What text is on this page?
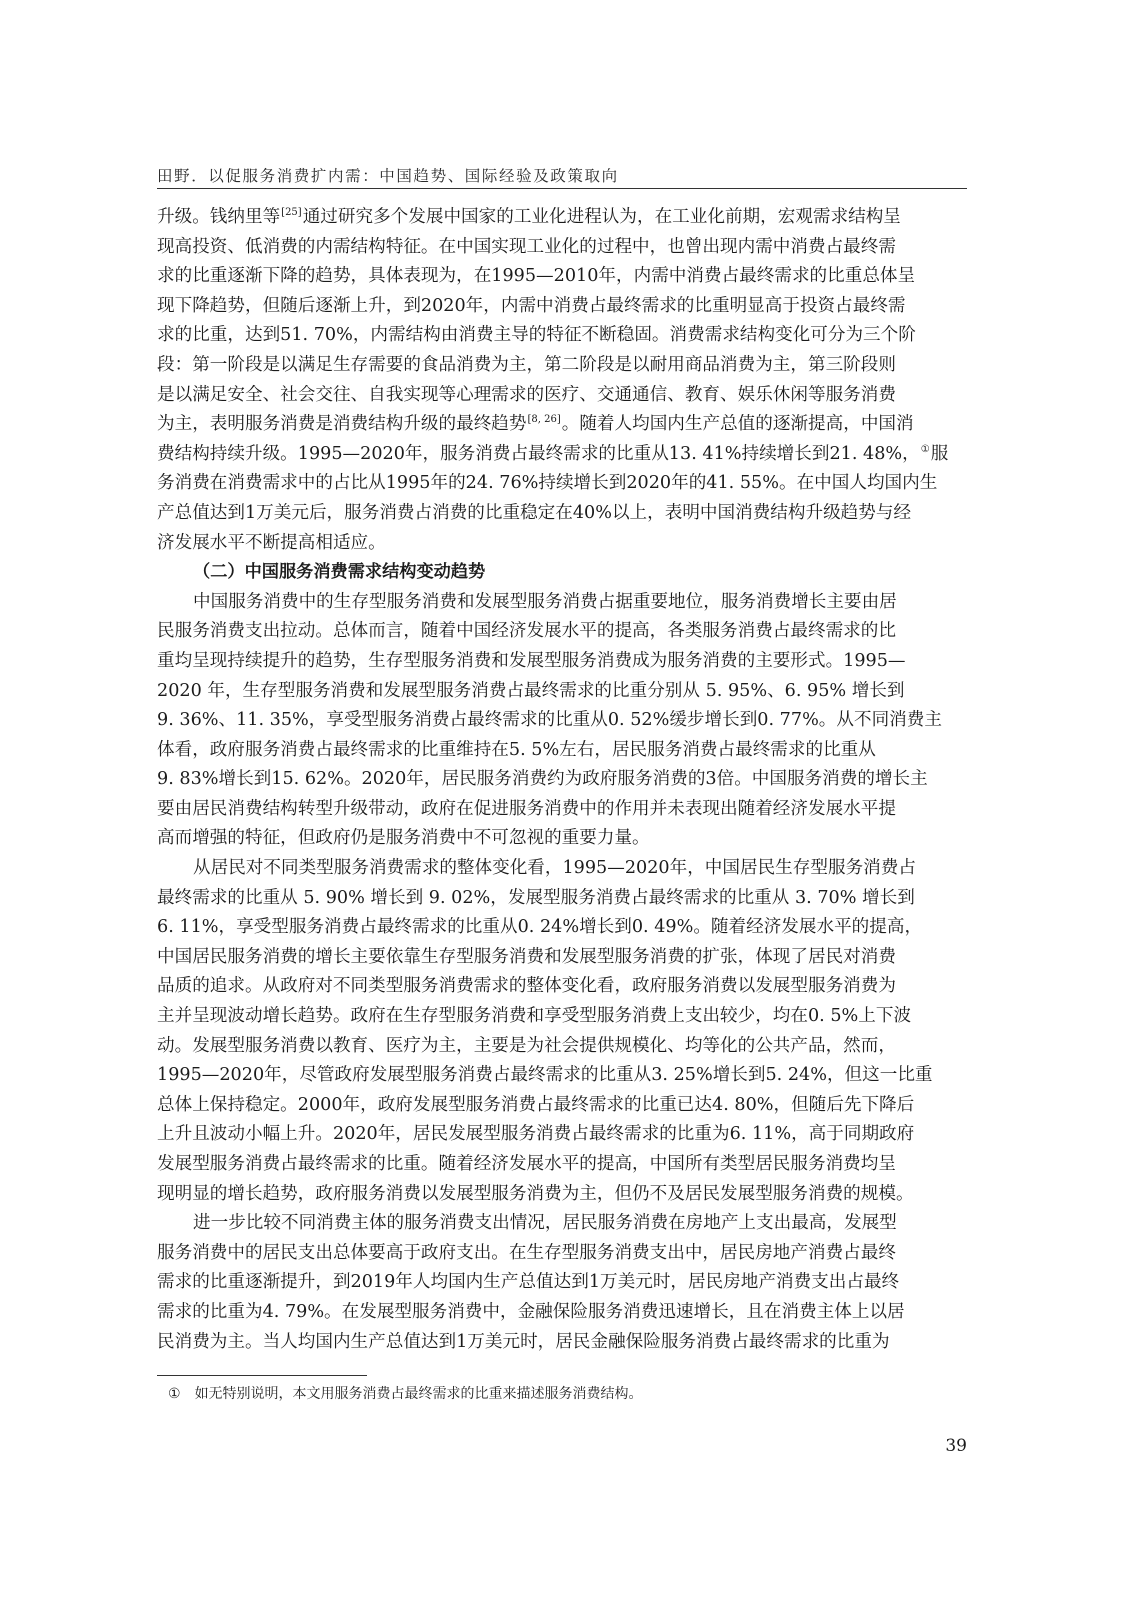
田野．以促服务消费扩内需：中国趋势、国际经验及政策取向
升级。钱纳里等[25]通过研究多个发展中国家的工业化进程认为，在工业化前期，宏观需求结构呈
现高投资、低消费的内需结构特征。在中国实现工业化的过程中，也曾出现内需中消费占最终需
求的比重逐渐下降的趋势，具体表现为，在1995—2010年，内需中消费占最终需求的比重总体呈
现下降趋势，但随后逐渐上升，到2020年，内需中消费占最终需求的比重明显高于投资占最终需
求的比重，达到51. 70%，内需结构由消费主导的特征不断稳固。消费需求结构变化可分为三个阶
段：第一阶段是以满足生存需要的食品消费为主，第二阶段是以耐用商品消费为主，第三阶段则
是以满足安全、社会交往、自我实现等心理需求的医疗、交通通信、教育、娱乐休闲等服务消费
为主，表明服务消费是消费结构升级的最终趋势[8, 26]。随着人均国内生产总值的逐渐提高，中国消
费结构持续升级。1995—2020年，服务消费占最终需求的比重从13. 41%持续增长到21. 48%，①服
务消费在消费需求中的占比从1995年的24. 76%持续增长到2020年的41. 55%。在中国人均国内生
产总值达到1万美元后，服务消费占消费的比重稳定在40%以上，表明中国消费结构升级趋势与经
济发展水平不断提高相适应。
（二）中国服务消费需求结构变动趋势
中国服务消费中的生存型服务消费和发展型服务消费占据重要地位，服务消费增长主要由居
民服务消费支出拉动。总体而言，随着中国经济发展水平的提高，各类服务消费占最终需求的比
重均呈现持续提升的趋势，生存型服务消费和发展型服务消费成为服务消费的主要形式。1995—
2020 年，生存型服务消费和发展型服务消费占最终需求的比重分别从 5. 95%、6. 95% 增长到
9. 36%、11. 35%，享受型服务消费占最终需求的比重从0. 52%缓步增长到0. 77%。从不同消费主
体看，政府服务消费占最终需求的比重维持在5. 5%左右，居民服务消费占最终需求的比重从
9. 83%增长到15. 62%。2020年，居民服务消费约为政府服务消费的3倍。中国服务消费的增长主
要由居民消费结构转型升级带动，政府在促进服务消费中的作用并未表现出随着经济发展水平提
高而增强的特征，但政府仍是服务消费中不可忽视的重要力量。
从居民对不同类型服务消费需求的整体变化看，1995—2020年，中国居民生存型服务消费占
最终需求的比重从 5. 90% 增长到 9. 02%，发展型服务消费占最终需求的比重从 3. 70% 增长到
6. 11%，享受型服务消费占最终需求的比重从0. 24%增长到0. 49%。随着经济发展水平的提高，
中国居民服务消费的增长主要依靠生存型服务消费和发展型服务消费的扩张，体现了居民对消费
品质的追求。从政府对不同类型服务消费需求的整体变化看，政府服务消费以发展型服务消费为
主并呈现波动增长趋势。政府在生存型服务消费和享受型服务消费上支出较少，均在0. 5%上下波
动。发展型服务消费以教育、医疗为主，主要是为社会提供规模化、均等化的公共产品，然而，
1995—2020年，尽管政府发展型服务消费占最终需求的比重从3. 25%增长到5. 24%，但这一比重
总体上保持稳定。2000年，政府发展型服务消费占最终需求的比重已达4. 80%，但随后先下降后
上升且波动小幅上升。2020年，居民发展型服务消费占最终需求的比重为6. 11%，高于同期政府
发展型服务消费占最终需求的比重。随着经济发展水平的提高，中国所有类型居民服务消费均呈
现明显的增长趋势，政府服务消费以发展型服务消费为主，但仍不及居民发展型服务消费的规模。
进一步比较不同消费主体的服务消费支出情况，居民服务消费在房地产上支出最高，发展型
服务消费中的居民支出总体要高于政府支出。在生存型服务消费支出中，居民房地产消费占最终
需求的比重逐渐提升，到2019年人均国内生产总值达到1万美元时，居民房地产消费支出占最终
需求的比重为4. 79%。在发展型服务消费中，金融保险服务消费迅速增长，且在消费主体上以居
民消费为主。当人均国内生产总值达到1万美元时，居民金融保险服务消费占最终需求的比重为
① 如无特别说明，本文用服务消费占最终需求的比重来描述服务消费结构。
39
